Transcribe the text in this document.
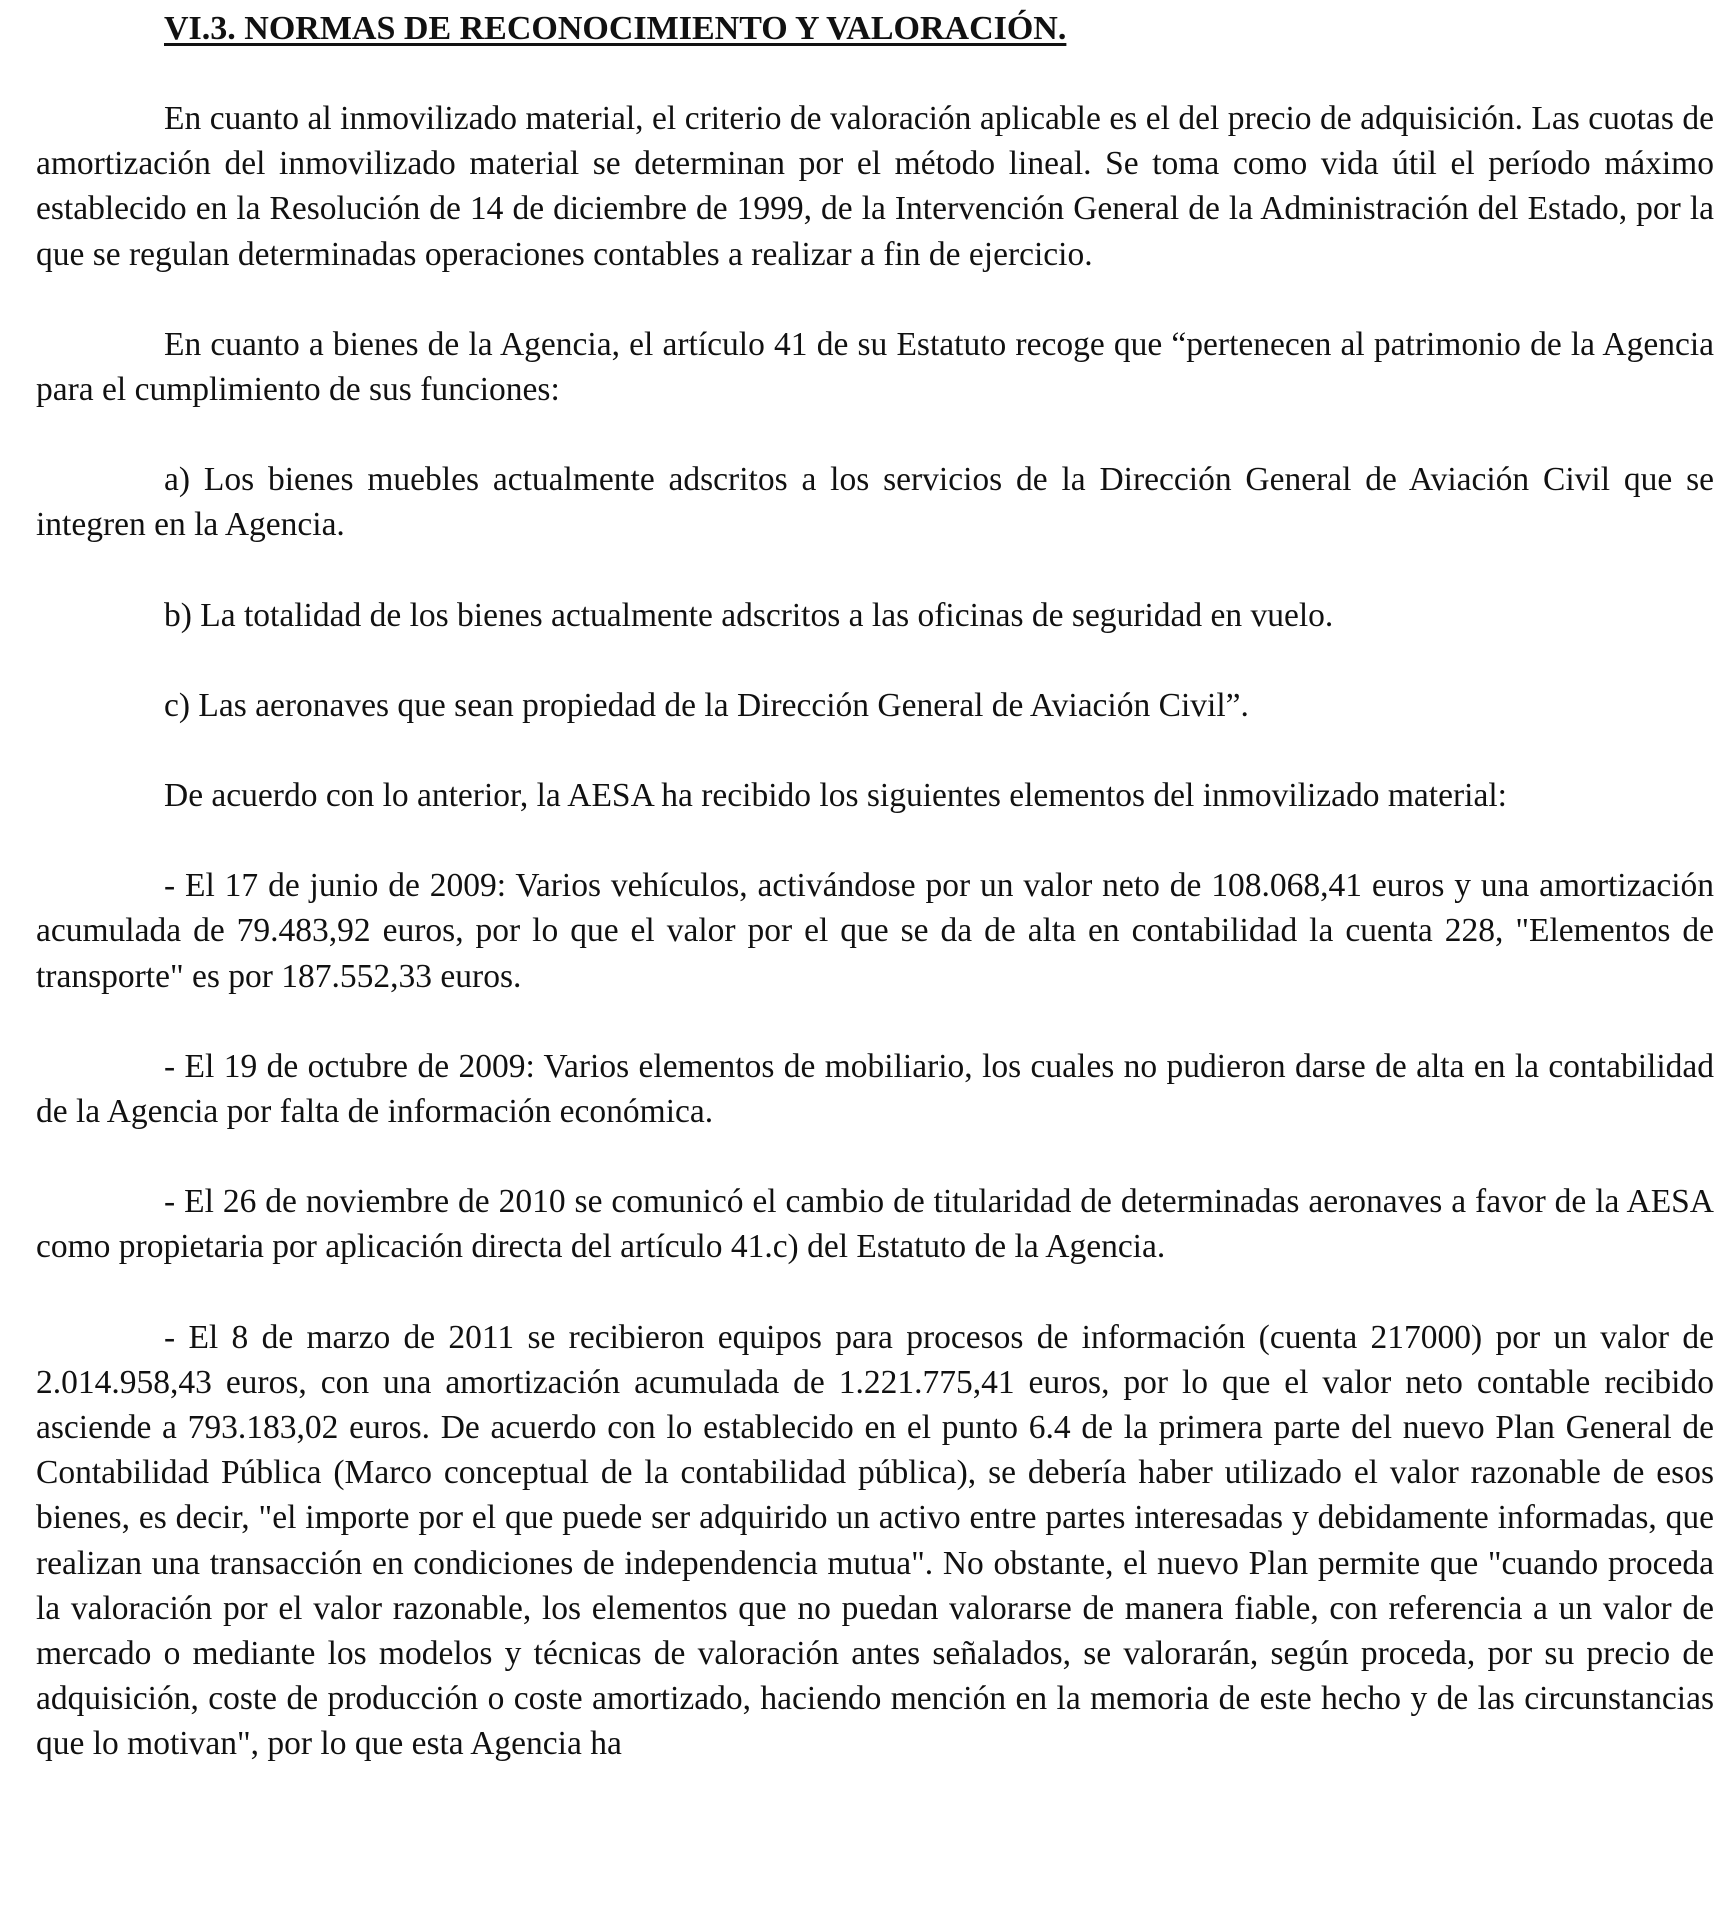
VI.3. NORMAS DE RECONOCIMIENTO Y VALORACIÓN.

En cuanto al inmovilizado material, el criterio de valoración aplicable es el del precio de adquisición. Las cuotas de amortización del inmovilizado material se determinan por el método lineal. Se toma como vida útil el período máximo establecido en la Resolución de 14 de diciembre de 1999, de la Intervención General de la Administración del Estado, por la que se regulan determinadas operaciones contables a realizar a fin de ejercicio.

En cuanto a bienes de la Agencia, el artículo 41 de su Estatuto recoge que “pertenecen al patrimonio de la Agencia para el cumplimiento de sus funciones:

a) Los bienes muebles actualmente adscritos a los servicios de la Dirección General de Aviación Civil que se integren en la Agencia.

b) La totalidad de los bienes actualmente adscritos a las oficinas de seguridad en vuelo.

c) Las aeronaves que sean propiedad de la Dirección General de Aviación Civil”.

De acuerdo con lo anterior, la AESA ha recibido los siguientes elementos del inmovilizado material:

- El 17 de junio de 2009: Varios vehículos, activándose por un valor neto de 108.068,41 euros y una amortización acumulada de 79.483,92 euros, por lo que el valor por el que se da de alta en contabilidad la cuenta 228, "Elementos de transporte" es por 187.552,33 euros.

- El 19 de octubre de 2009: Varios elementos de mobiliario, los cuales no pudieron darse de alta en la contabilidad de la Agencia por falta de información económica.

- El 26 de noviembre de 2010 se comunicó el cambio de titularidad de determinadas aeronaves a favor de la AESA como propietaria por aplicación directa del artículo 41.c) del Estatuto de la Agencia.

- El 8 de marzo de 2011 se recibieron equipos para procesos de información (cuenta 217000) por un valor de 2.014.958,43 euros, con una amortización acumulada de 1.221.775,41 euros, por lo que el valor neto contable recibido asciende a 793.183,02 euros. De acuerdo con lo establecido en el punto 6.4 de la primera parte del nuevo Plan General de Contabilidad Pública (Marco conceptual de la contabilidad pública), se debería haber utilizado el valor razonable de esos bienes, es decir, "el importe por el que puede ser adquirido un activo entre partes interesadas y debidamente informadas, que realizan una transacción en condiciones de independencia mutua". No obstante, el nuevo Plan permite que "cuando proceda la valoración por el valor razonable, los elementos que no puedan valorarse de manera fiable, con referencia a un valor de mercado o mediante los modelos y técnicas de valoración antes señalados, se valorarán, según proceda, por su precio de adquisición, coste de producción o coste amortizado, haciendo mención en la memoria de este hecho y de las circunstancias que lo motivan", por lo que esta Agencia ha
